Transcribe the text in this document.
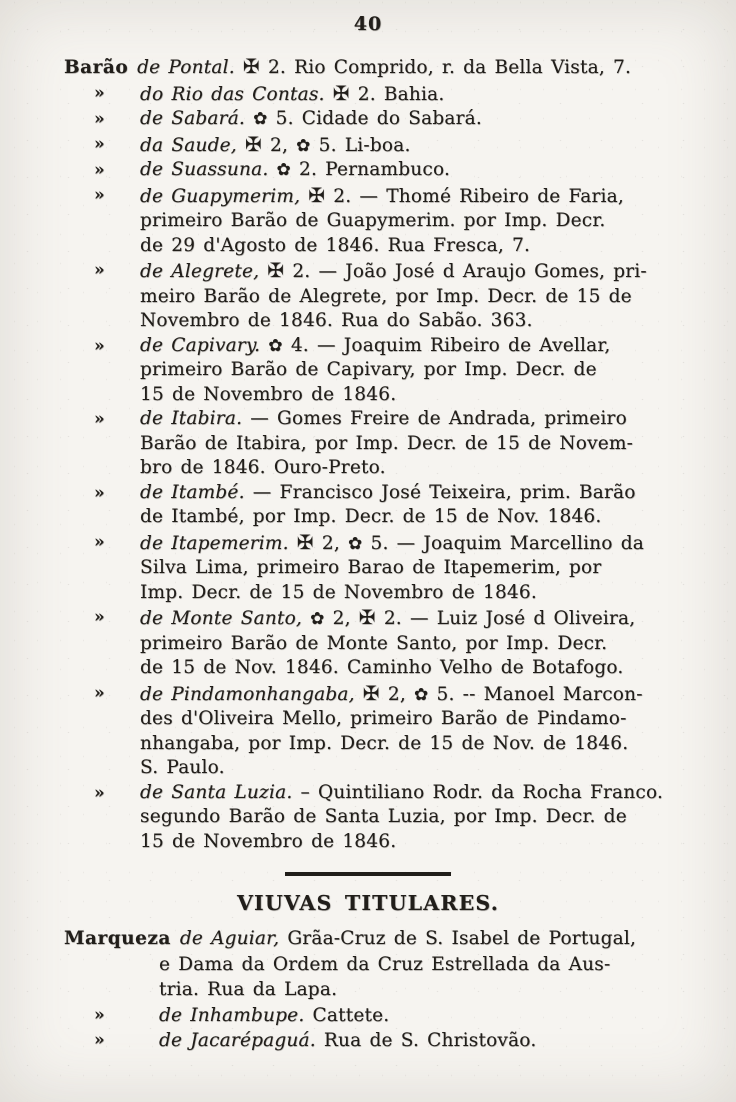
40
Barão de Pontal. ✠ 2. Rio Comprido, r. da Bella Vista, 7.
» do Rio das Contas. ✠ 2. Bahia.
» de Sabará. ✿ 5. Cidade do Sabará.
» da Saude, ✠ 2, ✿ 5. Li-boa.
» de Suassuna. ✿ 2. Pernambuco.
» de Guapymerim, ✠ 2. — Thomé Ribeiro de Faria,
primeiro Barão de Guapymerim. por Imp. Decr.
de 29 d'Agosto de 1846. Rua Fresca, 7.
» de Alegrete, ✠ 2. — João José d Araujo Gomes, pri-
meiro Barão de Alegrete, por Imp. Decr. de 15 de
Novembro de 1846. Rua do Sabão. 363.
» de Capivary. ✿ 4. — Joaquim Ribeiro de Avellar,
primeiro Barão de Capivary, por Imp. Decr. de
15 de Novembro de 1846.
» de Itabira. — Gomes Freire de Andrada, primeiro
Barão de Itabira, por Imp. Decr. de 15 de Novem-
bro de 1846. Ouro-Preto.
» de Itambé. — Francisco José Teixeira, prim. Barão
de Itambé, por Imp. Decr. de 15 de Nov. 1846.
» de Itapemerim. ✠ 2, ✿ 5. — Joaquim Marcellino da
Silva Lima, primeiro Barao de Itapemerim, por
Imp. Decr. de 15 de Novembro de 1846.
» de Monte Santo, ✿ 2, ✠ 2. — Luiz José d Oliveira,
primeiro Barão de Monte Santo, por Imp. Decr.
de 15 de Nov. 1846. Caminho Velho de Botafogo.
» de Pindamonhangaba, ✠ 2, ✿ 5. -- Manoel Marcon-
des d'Oliveira Mello, primeiro Barão de Pindamo-
nhangaba, por Imp. Decr. de 15 de Nov. de 1846.
S. Paulo.
» de Santa Luzia. – Quintiliano Rodr. da Rocha Franco.
segundo Barão de Santa Luzia, por Imp. Decr. de
15 de Novembro de 1846.
VIUVAS TITULARES.
Marqueza de Aguiar, Grãa-Cruz de S. Isabel de Portugal,
e Dama da Ordem da Cruz Estrellada da Aus-
tria. Rua da Lapa.
»	de Inhambupe. Cattete.
»	de Jacarépaguá. Rua de S. Christovão.
